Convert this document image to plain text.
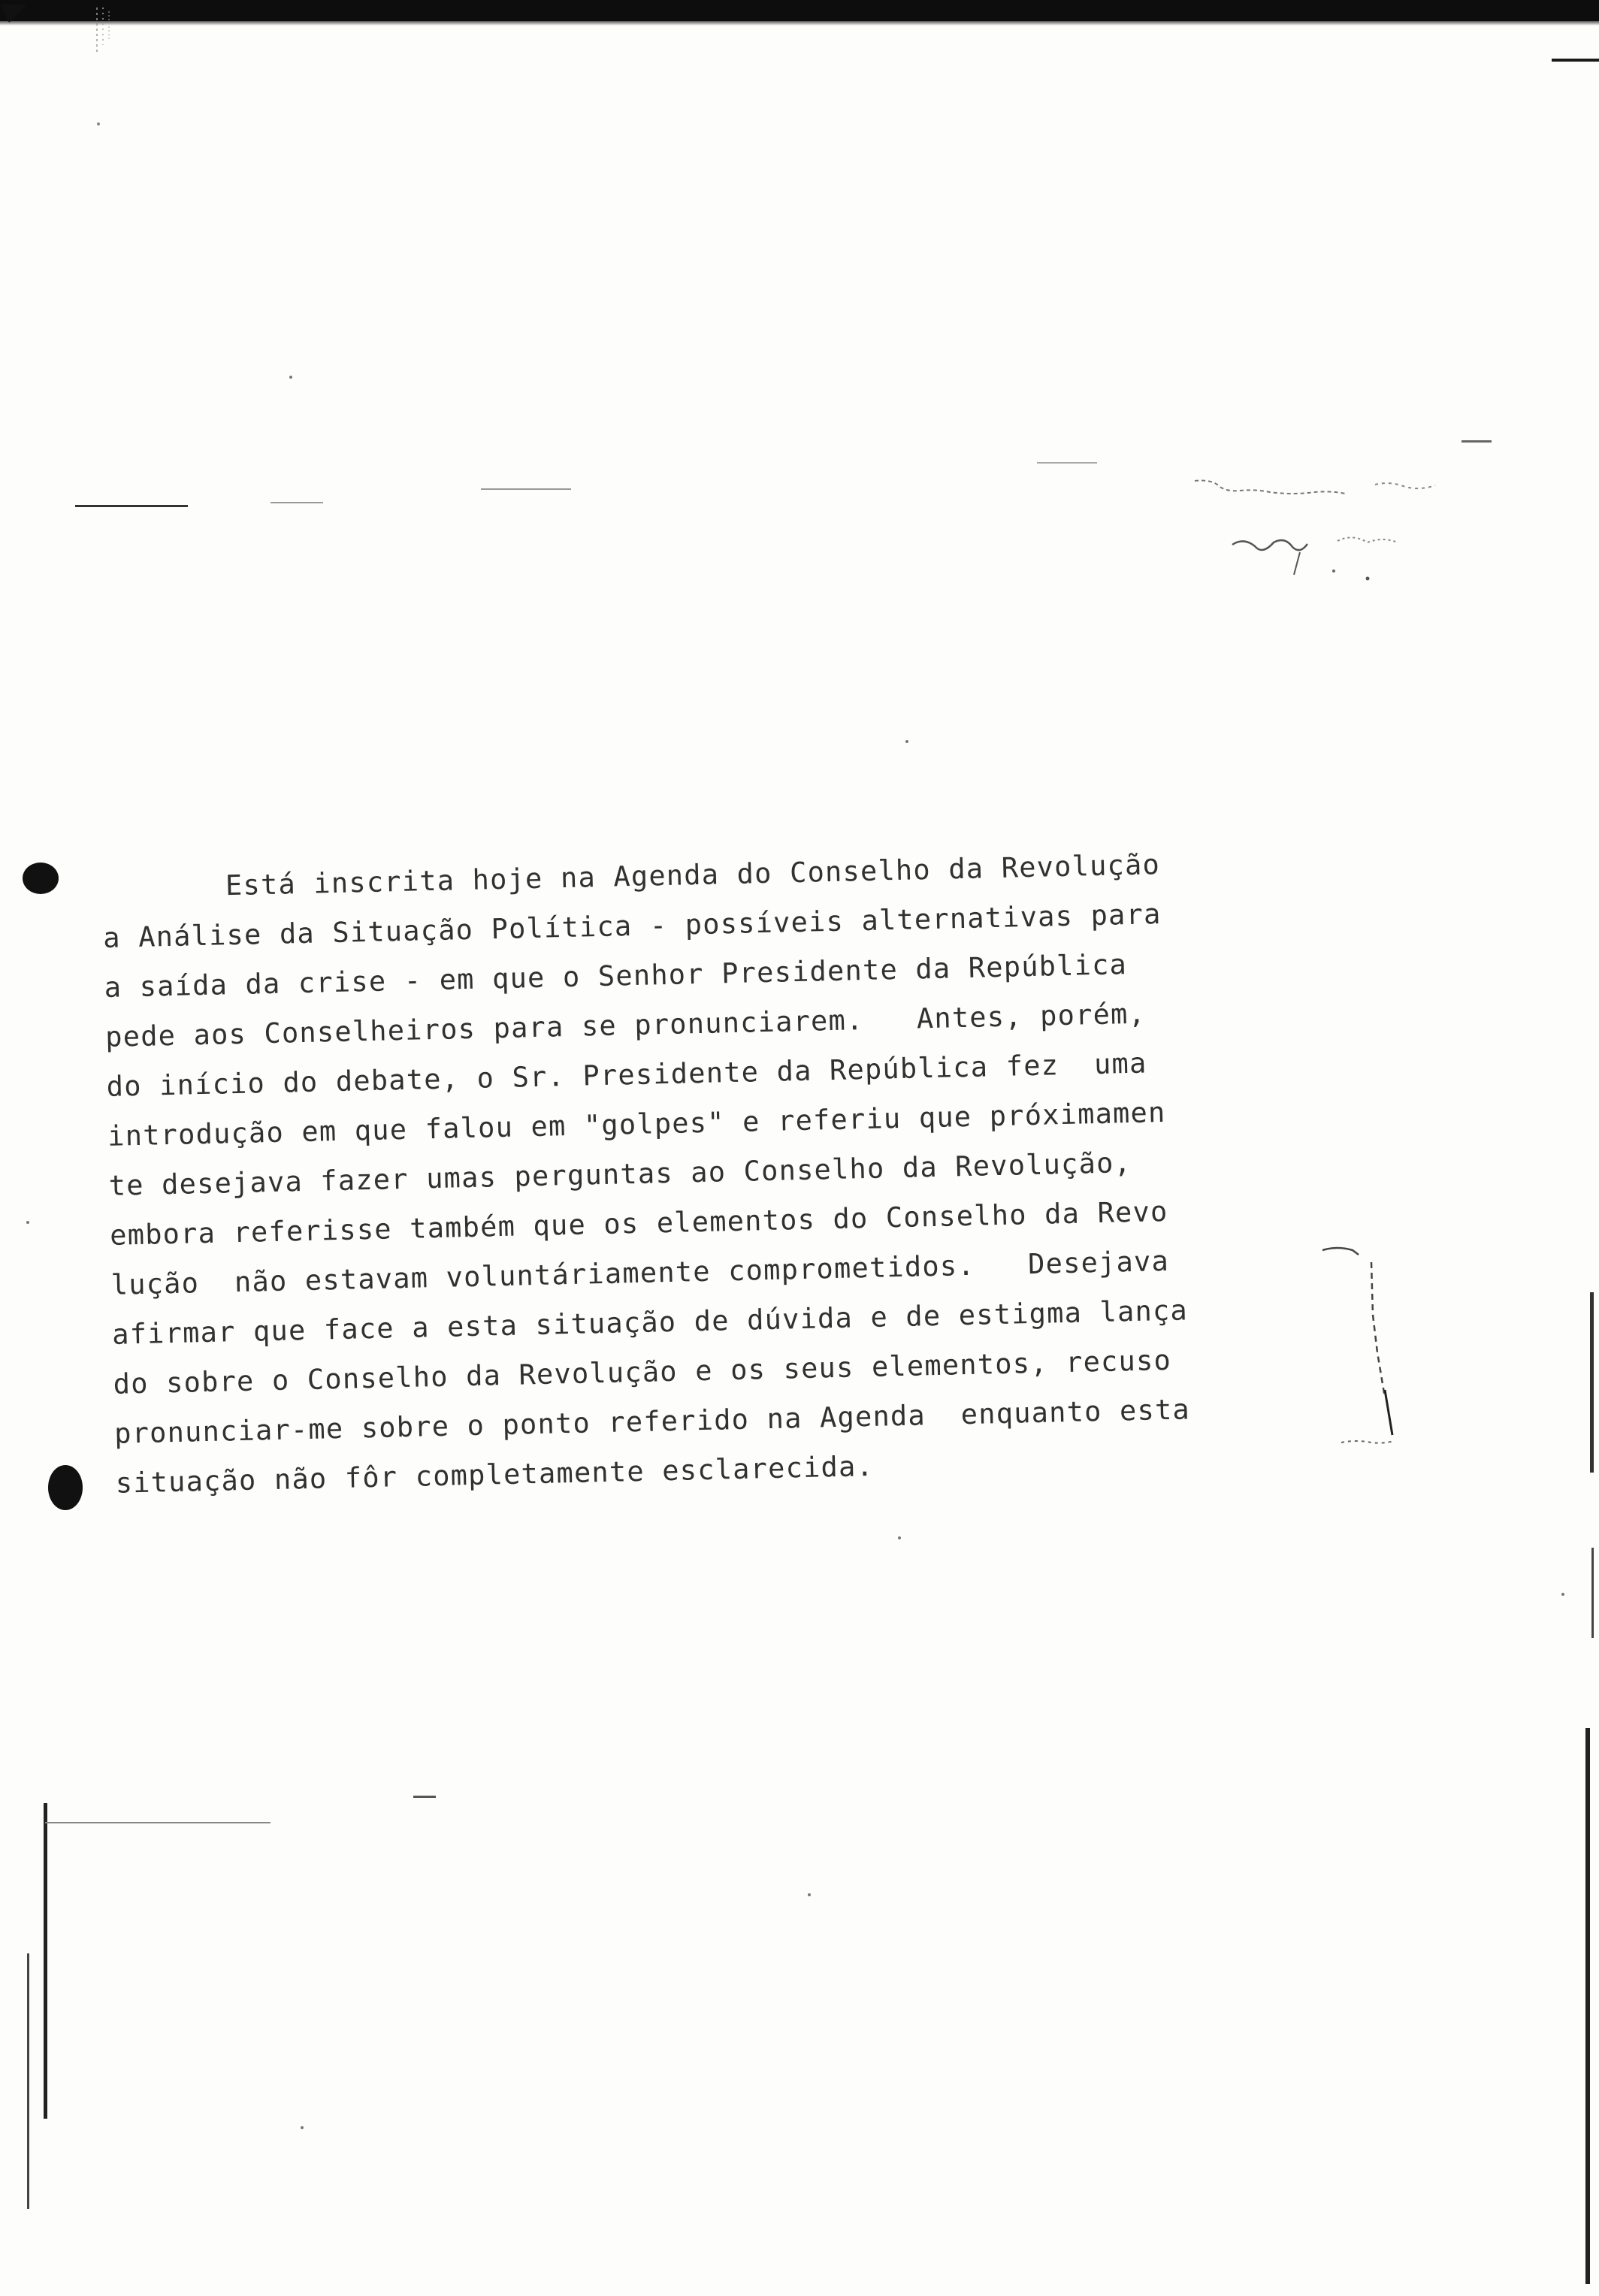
Está inscrita hoje na Agenda do Conselho da Revolução
a Análise da Situação Política - possíveis alternativas para
a saída da crise - em que o Senhor Presidente da República
pede aos Conselheiros para se pronunciarem.   Antes, porém,
do início do debate, o Sr. Presidente da República fez  uma
introdução em que falou em "golpes" e referiu que próximamen
te desejava fazer umas perguntas ao Conselho da Revolução,
embora referisse também que os elementos do Conselho da Revo
lução  não estavam voluntáriamente comprometidos.   Desejava
afirmar que face a esta situação de dúvida e de estigma lança
do sobre o Conselho da Revolução e os seus elementos, recuso
pronunciar-me sobre o ponto referido na Agenda  enquanto esta
situação não fôr completamente esclarecida.
